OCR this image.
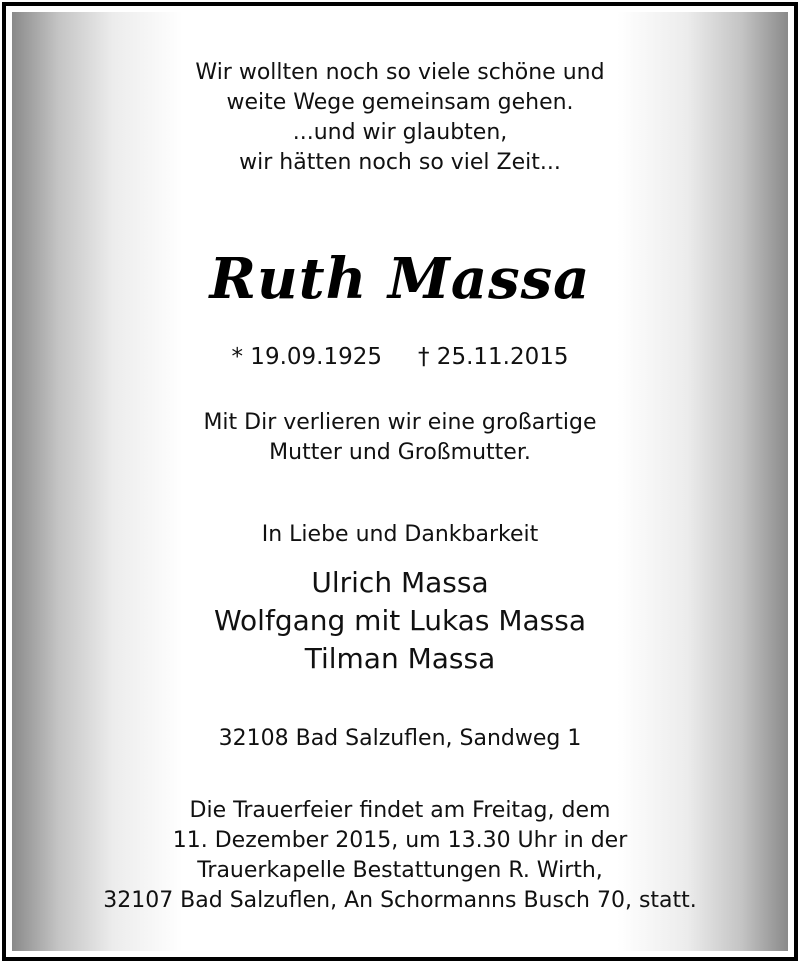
Wir wollten noch so viele schöne und
weite Wege gemeinsam gehen.
...und wir glaubten,
wir hätten noch so viel Zeit...
Ruth Massa
* 19.09.1925 † 25.11.2015
Mit Dir verlieren wir eine großartige
Mutter und Großmutter.
In Liebe und Dankbarkeit
Ulrich Massa
Wolfgang mit Lukas Massa
Tilman Massa
32108 Bad Salzuflen, Sandweg 1
Die Trauerfeier findet am Freitag, dem
11. Dezember 2015, um 13.30 Uhr in der
Trauerkapelle Bestattungen R. Wirth,
32107 Bad Salzuflen, An Schormanns Busch 70, statt.
